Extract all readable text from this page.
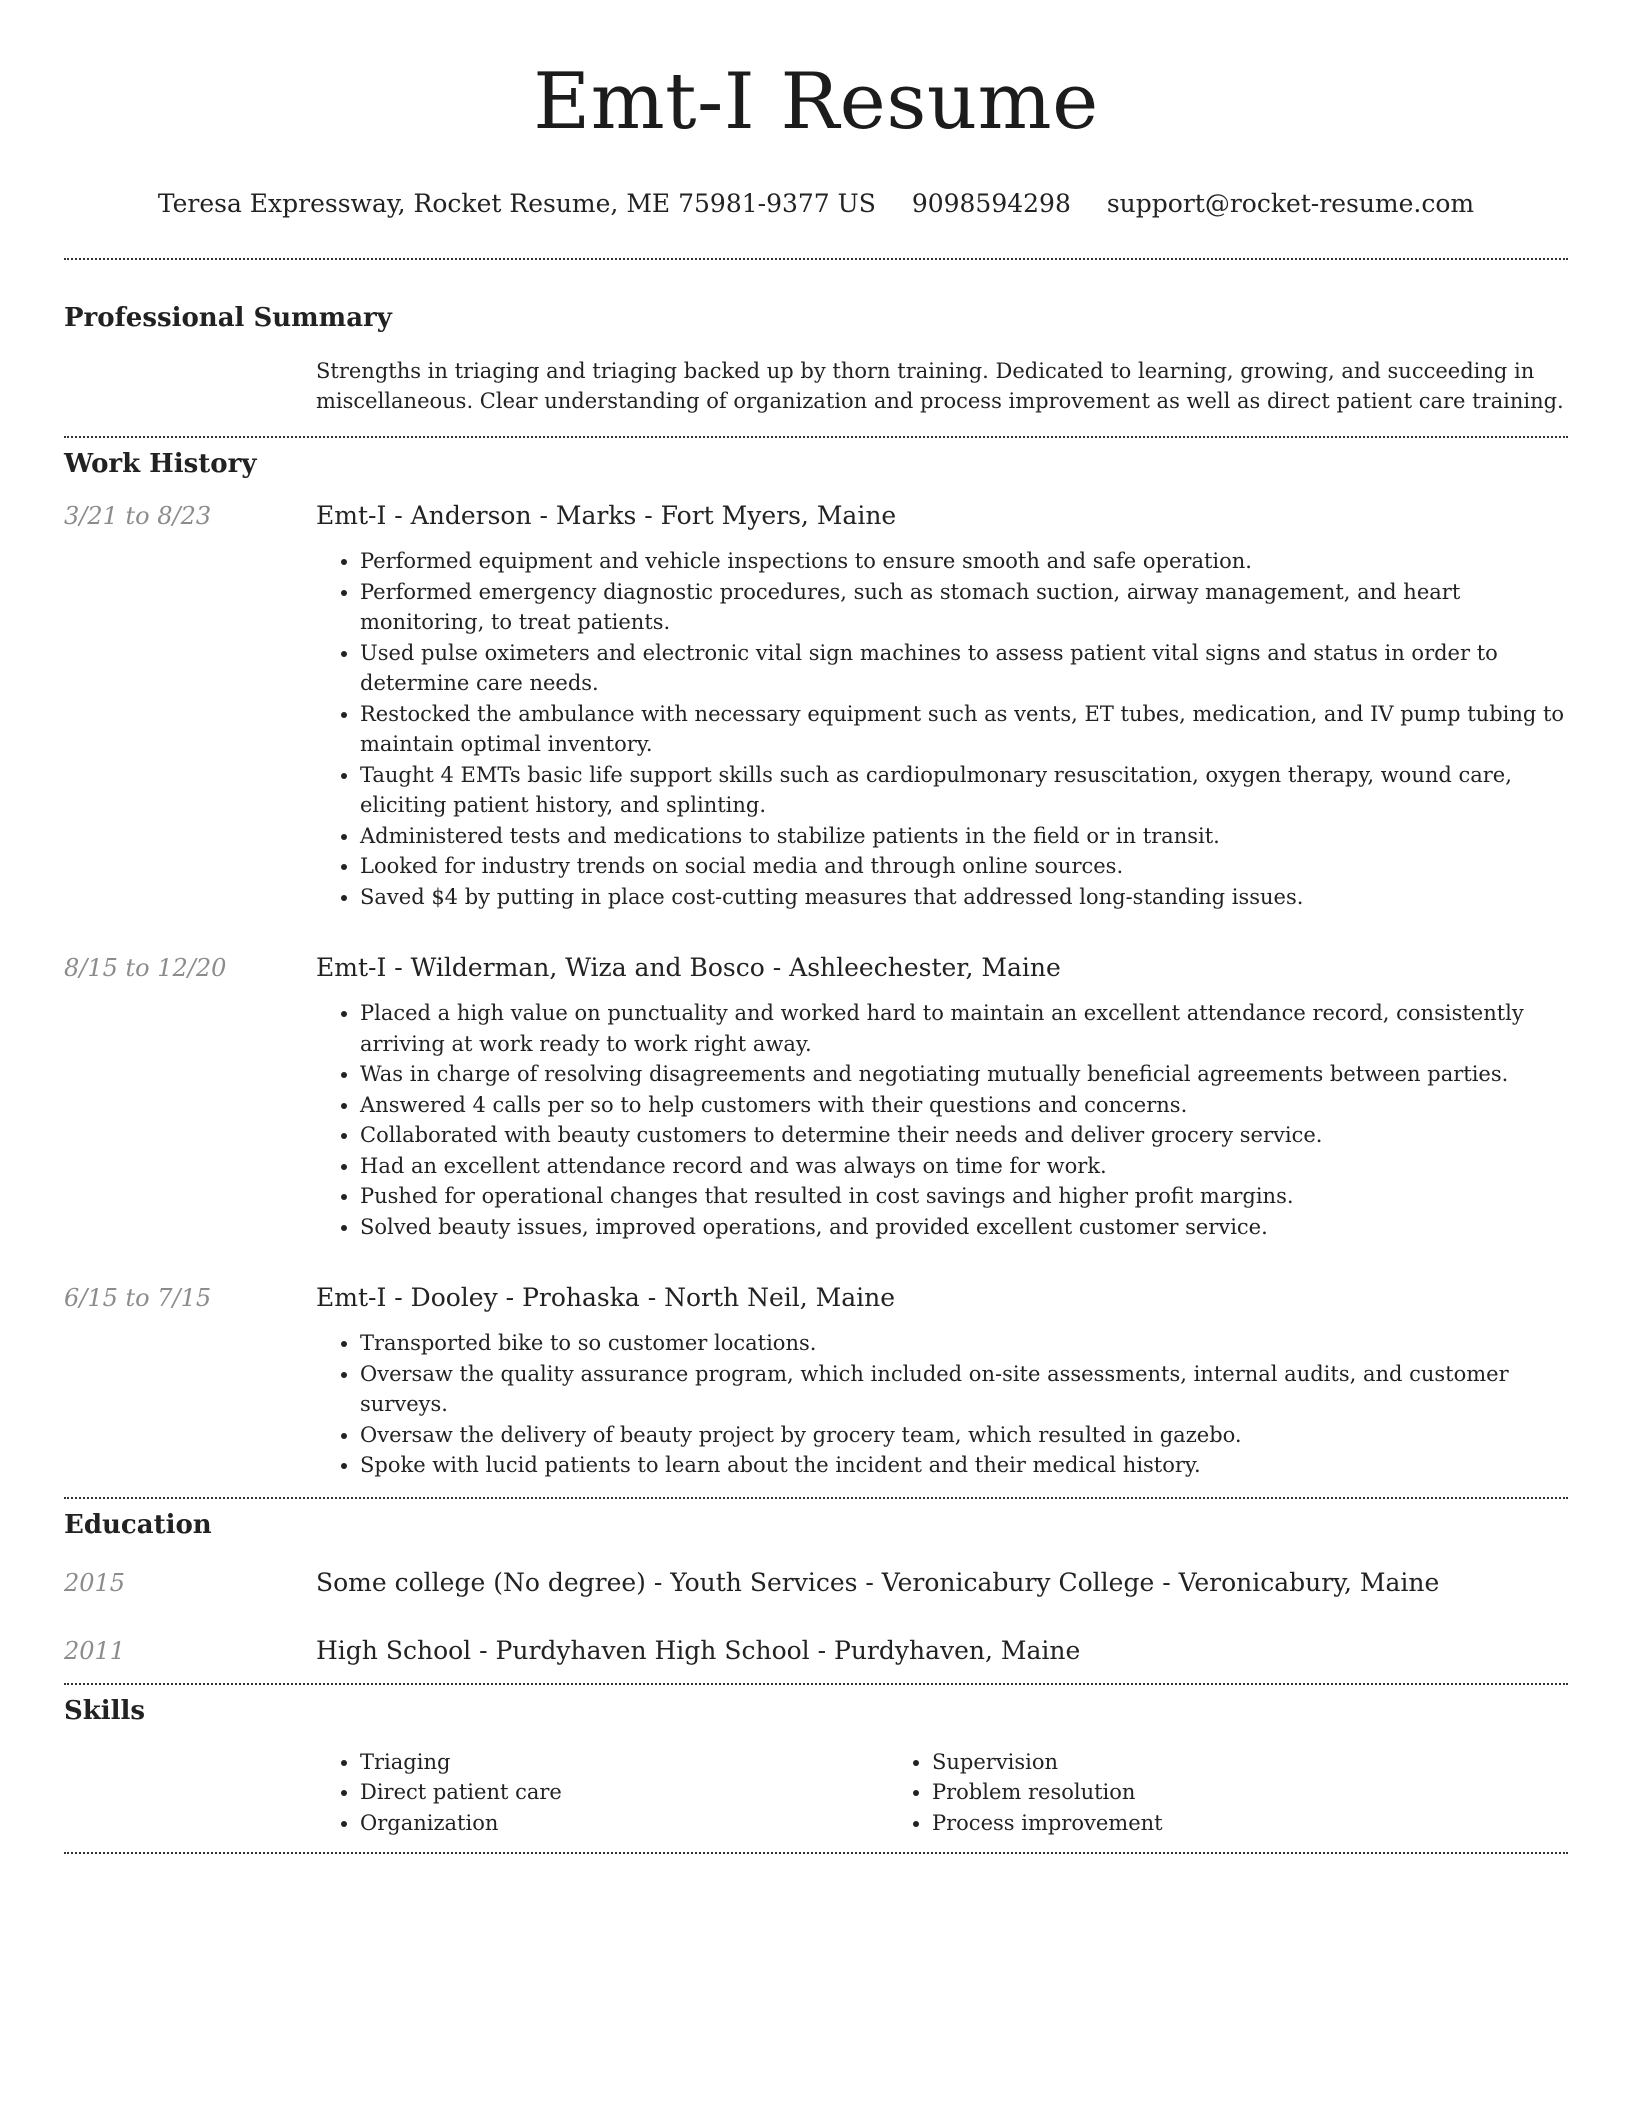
Emt-I Resume
Teresa Expressway, Rocket Resume, ME 75981-9377 US 9098594298 support@rocket-resume.com
Professional Summary
Strengths in triaging and triaging backed up by thorn training. Dedicated to learning, growing, and succeeding in miscellaneous. Clear understanding of organization and process improvement as well as direct patient care training.
Work History
3/21 to 8/23	Emt-I - Anderson - Marks - Fort Myers, Maine
• Performed equipment and vehicle inspections to ensure smooth and safe operation.
• Performed emergency diagnostic procedures, such as stomach suction, airway management, and heart monitoring, to treat patients.
• Used pulse oximeters and electronic vital sign machines to assess patient vital signs and status in order to determine care needs.
• Restocked the ambulance with necessary equipment such as vents, ET tubes, medication, and IV pump tubing to maintain optimal inventory.
• Taught 4 EMTs basic life support skills such as cardiopulmonary resuscitation, oxygen therapy, wound care, eliciting patient history, and splinting.
• Administered tests and medications to stabilize patients in the field or in transit.
• Looked for industry trends on social media and through online sources.
• Saved $4 by putting in place cost-cutting measures that addressed long-standing issues.
8/15 to 12/20	Emt-I - Wilderman, Wiza and Bosco - Ashleechester, Maine
• Placed a high value on punctuality and worked hard to maintain an excellent attendance record, consistently arriving at work ready to work right away.
• Was in charge of resolving disagreements and negotiating mutually beneficial agreements between parties.
• Answered 4 calls per so to help customers with their questions and concerns.
• Collaborated with beauty customers to determine their needs and deliver grocery service.
• Had an excellent attendance record and was always on time for work.
• Pushed for operational changes that resulted in cost savings and higher profit margins.
• Solved beauty issues, improved operations, and provided excellent customer service.
6/15 to 7/15	Emt-I - Dooley - Prohaska - North Neil, Maine
• Transported bike to so customer locations.
• Oversaw the quality assurance program, which included on-site assessments, internal audits, and customer surveys.
• Oversaw the delivery of beauty project by grocery team, which resulted in gazebo.
• Spoke with lucid patients to learn about the incident and their medical history.
Education
2015	Some college (No degree) - Youth Services - Veronicabury College - Veronicabury, Maine
2011	High School - Purdyhaven High School - Purdyhaven, Maine
Skills
• Triaging
• Direct patient care
• Organization
• Supervision
• Problem resolution
• Process improvement
